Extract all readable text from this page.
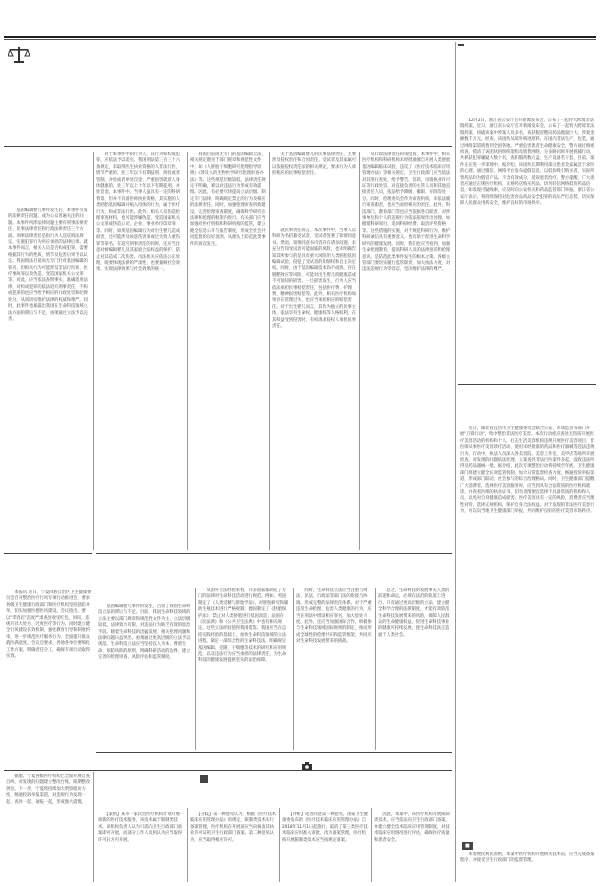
　　12月2日，浙江省公安厅召开新闻发布会，公布了一起特大跨境非法假药案。近日，浙江省公安厅召开新闻发布会，公布了一起特大跨境非法假药案，侦破该案中涉案人员多名，查获假冒靶向药品数量巨大，涉案金额数千万元。经查，该团伙从境外购进原料，在国内非法生产、包装，通过网络渠道销售到全国各地，严重危害患者生命健康安全。警方通过缜密侦查，摸清了该团伙的组织架构及销售网络，分多路同时开展抓捕行动，共抓获犯罪嫌疑人数十名，查扣假药数万盒、生产设备若干套。目前，案件正在进一步审理中。据介绍，该团伙长期利用部分患者及家属急于求医的心理，通过微信、网络平台发布虚假信息，以低价吸引购买者，实际所售药品均为假冒产品，不含有效成分，延误患者治疗。警方提醒，广大患者应通过正规医疗机构、正规药店购买药品，切勿轻信网络低价药品信息，如发现可疑线索，应及时向公安机关和药品监管部门举报。浙江省公安厅表示，将持续保持对危害食品药品安全犯罪的高压严打态势，切实保障人民群众用药安全，维护良好的市场秩序。
　　基因编辑婴儿事件发生后，本事件引发的法律责任问题，成为公众普遍关注的问题。本事件所涉法律问题主要有刑事法律责任、民事法律责任和行政法律责任三个方面。刑事法律责任是指行为人违反刑法规定，实施犯罪行为所应承担的法律后果。就本事件而言，相关人员是否构成犯罪，需要根据其行为的性质、情节及危害后果予以认定。我国刑法目前尚无专门针对基因编辑的罪名，但相关行为可能涉及非法行医罪、医疗事故罪以及伪造、变造国家机关公文罪等。对此，应当依法查明事实，准确适用法律，对构成犯罪的依法追究刑事责任，不构成犯罪的也应当给予相应的行政处罚和纪律处分，从而切实维护法律的权威和尊严。同时，此事件也暴露出我国在生命科技领域立法方面的滞后与不足，亟须通过立法予以完善。
　　对于本事件中的行为人，其行为如构成犯罪，应依法予以追究。我国刑法第三百三十六条规定，未取得医生执业资格的人非法行医，情节严重的，处三年以下有期徒刑、拘役或者管制，并处或者单处罚金；严重损害就诊人身体健康的，处三年以上十年以下有期徒刑，并处罚金。本事件中，当事人虽具有一定的科研背景，但并不具备医师执业资格，其实施的人类胚胎基因编辑并植入母体的行为，属于医疗行为，构成非法行医。此外，相关人员伪造伦理审查材料，也可能涉嫌伪造、变造国家机关公文罪或伪造公司、企业、事业单位印章罪等。同时，如果基因编辑行为对出生婴儿造成损害，还可能涉及故意伤害罪或过失致人重伤罪等罪名。在追究刑事责任的同时，还应当注意对被编辑婴儿及其家庭合法权益的保护，防止对其造成二次伤害。司法机关应依法公正处理，既要体现法律的严肃性，也要兼顾社会效果，实现法律效果与社会效果的统一。
　　我国目前尚无专门的基因编辑立法，相关规定散见于部门规章和规范性文件中，如《人胚胎干细胞研究伦理指导原则》《涉及人的生物医学研究伦理审查办法》等。这些规范层级较低，法律责任规定不明确，难以对违法行为形成有效震慑。因此，有必要尽快提高立法层级，制定专门法律，明确规定禁止的行为及相应的法律责任。同时，加强伦理审查机构建设，完善伦理审查制度，确保科学研究在法律和伦理的框架内进行。有关部门应当加强对医疗机构和科研机构的监管，建立健全信息公开与报告制度，形成全社会共同监督的良好氛围，从源头上防范此类事件的再次发生。
　　关于基因编辑婴儿的民事法律责任，主要涉及侵权责任和合同责任。受试者及其家属可以依据侵权责任法的相关规定，要求行为人承担相应的民事赔偿责任。
　　就民事责任而言，本次事件中，当事人以科研为名招募受试者，受试者签署了知情同意书。然而，知情同意书内容存在诸多问题，未充分告知受试者可能面临的风险，也未明确告知其所参与的是具有重大风险的人类胚胎基因编辑试验，侵犯了受试者的知情权和自主决定权。同时，由于基因编辑技术尚不成熟，存在脱靶效应等风险，可能对出生婴儿的健康造成不可预知的损害。一旦损害发生，行为人应当依法承担民事赔偿责任，包括医疗费、护理费、精神损害赔偿等。此外，相关医疗机构如果存在管理过失，也应当承担相应的赔偿责任。对于出生婴儿而言，其作为独立的民事主体，依法享有生命权、健康权等人格权利，在其权益受到侵害时，有权请求侵权人承担民事责任。
　　从行政法律责任的角度看，本事件中，相关医疗机构和科研机构未经批准擅自开展人类胚胎基因编辑临床试验，违反了《医疗技术临床应用管理办法》等相关规定，卫生行政部门应当依法对其进行查处，给予警告、罚款、吊销执业许可证等行政处罚。对直接负责的主管人员和其他直接责任人员，依法给予降级、撤职、开除等处分。同时，伦理委员会作为审查机构，未依法履行审查职责，也应当承担相应的责任。此外，科技部门、教育部门等也应当依据各自职责，对涉事单位和个人的违规行为依法依规作出处理，如撤销科研项目、追回科研经费、取消评奖资格等。这些措施的实施，对于规范科研行为、维护科研诚信具有重要意义，也有助于促进生命科学研究的健康发展。同时，我们也应当看到，加强生命伦理教育，提高科研人员的法律意识和伦理意识，是防范此类事件发生的根本之策。各级主管部门要切实履行监管职责，加大执法力度，对违法违规行为零容忍，坚决维护法律的尊严。
　　近日，湖北省宜昌市卫生健康委员会联合公安、市场监管等部门开展"刀锋行动"，集中整治非法医疗美容。本次行动重点查处无资质开展医疗美容活动的机构和个人，打击生活美容机构违规开展医疗美容项目、非医师从事医疗美容诊疗活动、使用未经批准的药品和医疗器械等违法违规行为。行动中，执法人员深入各美容院、美容工作室、美甲店等场所开展检查，对发现的问题依法处理，立案查处非法行医案件多起，没收违法所得及药品器械一批。据介绍，此次专项整治行动将持续至年底，卫生健康部门将建立健全长效监管机制，加大日常监督检查力度，畅通投诉举报渠道，形成部门联动、社会参与的综合治理格局。同时，卫生健康部门提醒广大消费者，选择医疗美容服务时，应当到具有合法资质的医疗机构就诊，并查看医师的执业证书，切勿贪图便宜选择不具备资质的机构和人员，以免对自身健康造成损害。医疗美容具有一定的风险，消费者应当理性对待，选择正规机构，保护自身合法权益。对于发现的非法医疗美容行为，可以向当地卫生健康部门举报，共同维护良好的医疗美容市场秩序。
　　基因编辑婴儿事件的发生，凸显了我国生命科技立法的滞后与不足。目前，我国生命科技领域的立法主要以部门规章和规范性文件为主，立法层级较低，法律效力有限，对违法行为缺乏有效的惩治手段。随着生命科技的迅猛发展，相关伦理问题和法律问题日益突出，亟须通过更高层级的立法予以规范。生命科技立法应当坚持以人为本、尊重生命、预防风险的原则，明确科研活动的边界，建立完善的伦理审查、风险评估和监管制度。
　　从国外立法经验来看，许多国家都制定了专门的法律对生命科技活动进行规范。例如，英国制定了《人类受精与胚胎学法》，对胚胎研究和辅助生殖技术进行严格规制；德国制定了《胚胎保护法》，禁止对人类胚胎进行基因改造；法国在《民法典》和《公共卫生法典》中也有相关规定。这些立法经验值得我国借鉴。我国应当在总结实践经验的基础上，加快生命科技领域的立法进程，制定一部综合性的生命科技法，明确规定基因编辑、克隆、干细胞等技术的研究和应用规范，以及违法行为应当承担的法律责任，为生命科技的健康发展提供坚实的法治保障。
　　同时，生命科技立法应当注重与刑法、民法、行政法等部门法的衔接与协调，形成完整的法律责任体系。对于严重违反生命伦理、危害人类健康的行为，应当在刑法中增设相应罪名，加大惩处力度。此外，还应当加强国际合作，积极参与生命科技领域国际规则的制定，推动形成全球性的伦理共识和监管框架，共同应对生命科技发展带来的挑战。
　　总之，生命科技的发展事关人类的前途和命运，必须在法治的轨道上进行。只有通过更高层级的立法，建立健全科学合理的法律制度，才能有效防范生命科技发展带来的风险，保障人民群众的生命健康权益，促进生命科技事业的健康可持续发展，使生命科技真正造福于人类社会。
　　本报讯 近日，宁夏回族自治区卫生健康委员会召开整治医疗行风专项行动推进会，要求各级卫生健康行政部门和医疗机构坚持惩防并举，切实加强医德医风建设。会议指出，要以"零容忍"态度严肃查处收受红包、回扣，违规开具大处方、过度医疗等行为，同时建立健全行风建设长效机制，强化教育引导和制度约束，进一步规范医疗服务行为，全面提升群众就医满意度。会议还要求，各地各单位要细化工作方案，明确责任分工，确保专项行动取得实效。
　　据悉，宁夏各级医疗机构已全面开展自查自纠，对发现的问题建立整改台账，限期整改到位。下一步，宁夏将持续加大明察暗访力度，畅通投诉举报渠道，对违规行为发现一起、查处一起、通报一起，形成强大震慑。
　　【案情】某市一家民营医疗机构计划开展一项新的医疗技术服务，该技术属于限制类技术。该机构负责人认为只需向卫生行政部门备案即可开展，而部分工作人员则认为应当取得许可后方可开展。
　　【分歧】第一种意见认为，根据《医疗技术临床应用管理办法》的规定，限制类技术实行备案管理，医疗机构在开展前应当向核发其执业许可证的卫生行政部门备案。第二种意见认为，应当取得相应许可。
　　【评析】笔者同意第一种意见。国家卫生健康委发布的《医疗技术临床应用管理办法》自2018年11月1日起施行，取消了第三类医疗技术临床应用准入审批，改为备案管理，医疗机构开展限制类技术应当按规定备案。
　　因此，本案中，该医疗机构开展限制类技术，应当依法向卫生行政部门备案，并建立健全技术临床应用管理制度，对技术临床应用情况进行评估，确保医疗质量和患者安全。
■
　　本着便民利民原则，本案中医疗机构开展相关技术前，应当完成备案程序，并接受卫生行政部门的监督管理。
